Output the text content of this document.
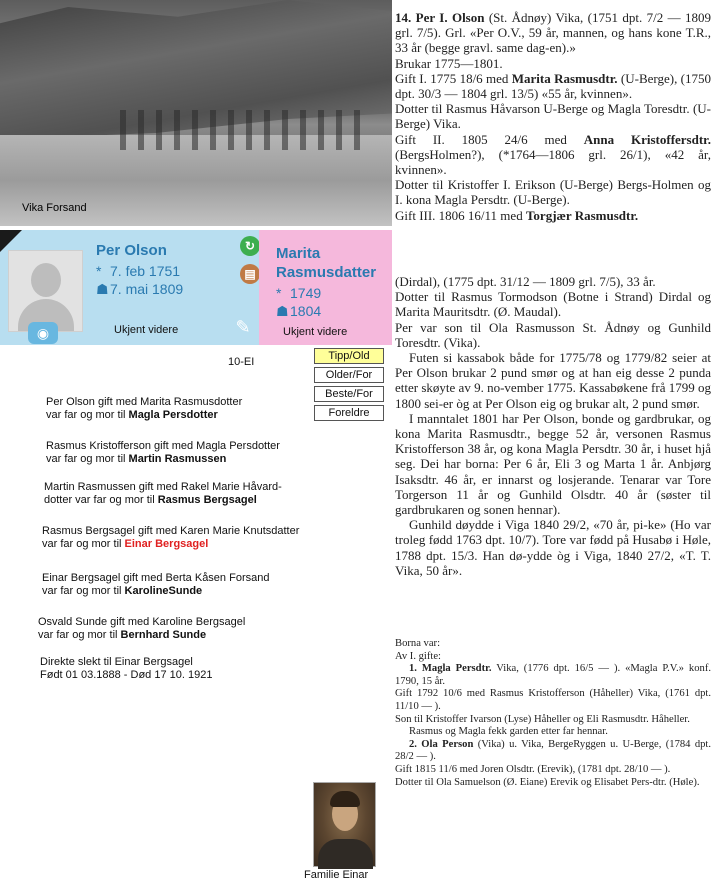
Vika Forsand

14. Per I. Olson (St. Ådnøy) Vika, (1751 dpt. 7/2 — 1809 grl. 7/5). Grl. «Per O.V., 59 år, mannen, og hans kone T.R., 33 år (begge gravl. same dag-en).»

Brukar 1775—1801.

Gift I. 1775 18/6 med Marita Rasmusdtr. (U-Berge), (1750 dpt. 30/3 — 1804 grl. 13/5) «55 år, kvinnen».

Dotter til Rasmus Håvarson U-Berge og Magla Toresdtr. (U-Berge) Vika.

Gift II. 1805 24/6 med Anna Kristoffersdtr. (BergsHolmen?), (*1764—1806 grl. 26/1), «42 år, kvinnen».

Dotter til Kristoffer I. Erikson (U-Berge) Bergs-Holmen og I. kona Magla Persdtr. (U-Berge).

Gift III. 1806 16/11 med Torgjær Rasmusdtr.

(Dirdal), (1775 dpt. 31/12 — 1809 grl. 7/5), 33 år.

Dotter til Rasmus Tormodson (Botne i Strand) Dirdal og Marita Mauritsdtr. (Ø. Maudal).

Per var son til Ola Rasmusson St. Ådnøy og Gunhild Toresdtr. (Vika).

Futen si kassabok både for 1775/78 og 1779/82 seier at Per Olson brukar 2 pund smør og at han eig desse 2 punda etter skøyte av 9. no-vember 1775. Kassabøkene frå 1799 og 1800 sei-er òg at Per Olson eig og brukar alt, 2 pund smør.

I manntalet 1801 har Per Olson, bonde og gardbrukar, og kona Marita Rasmusdtr., begge 52 år, versonen Rasmus Kristofferson 38 år, og kona Magla Persdtr. 30 år, i huset hjå seg. Dei har borna: Per 6 år, Eli 3 og Marta 1 år. Anbjørg Isaksdtr. 46 år, er innarst og losjerande. Tenarar var Tore Torgerson 11 år og Gunhild Olsdtr. 40 år (søster til gardbrukaren og sonen hennar).

Gunhild døydde i Viga 1840 29/2, «70 år, pi-ke» (Ho var troleg fødd 1763 dpt. 10/7). Tore var fødd på Husabø i Høle, 1788 dpt. 15/3. Han dø-ydde òg i Viga, 1840 27/2, «T. T. Vika, 50 år».

Borna var:

Av I. gifte:

1. Magla Persdtr. Vika, (1776 dpt. 16/5 — ). «Magla P.V.» konf. 1790, 15 år.

Gift 1792 10/6 med Rasmus Kristofferson (Håheller) Vika, (1761 dpt. 11/10 — ).

Son til Kristoffer Ivarson (Lyse) Håheller og Eli Rasmusdtr. Håheller.

Rasmus og Magla fekk garden etter far hennar.

2. Ola Person (Vika) u. Vika, BergeRyggen u. U-Berge, (1784 dpt. 28/2 — ).

Gift 1815 11/6 med Joren Olsdtr. (Erevik), (1781 dpt. 28/10 — ).

Dotter til Ola Samuelson (Ø. Eiane) Erevik og Elisabet Pers-dtr. (Høle).

◉
Per Olson
* 7. feb 1751
☗7. mai 1809
Ukjent videre
↻
▤
✎
Marita
Rasmusdatter
* 1749
☗1804
Ukjent videre
10-EI	Tipp/Old
Older/For
Beste/For
Foreldre
Per Olson gift med Marita Rasmusdotter
var far og mor til Magla Persdotter
Rasmus Kristofferson gift med Magla Persdotter
var far og mor til Martin Rasmussen
Martin Rasmussen gift med Rakel Marie Håvard-
dotter var far og mor til Rasmus Bergsagel
Rasmus Bergsagel gift med Karen Marie Knutsdatter
var far og mor til Einar Bergsagel
Einar Bergsagel gift med Berta Kåsen Forsand
var far og mor til KarolineSunde
Osvald Sunde gift med Karoline Bergsagel
var far og mor til Bernhard Sunde
Direkte slekt til Einar Bergsagel
Født 01 03.1888 - Død 17 10. 1921
Familie Einar
